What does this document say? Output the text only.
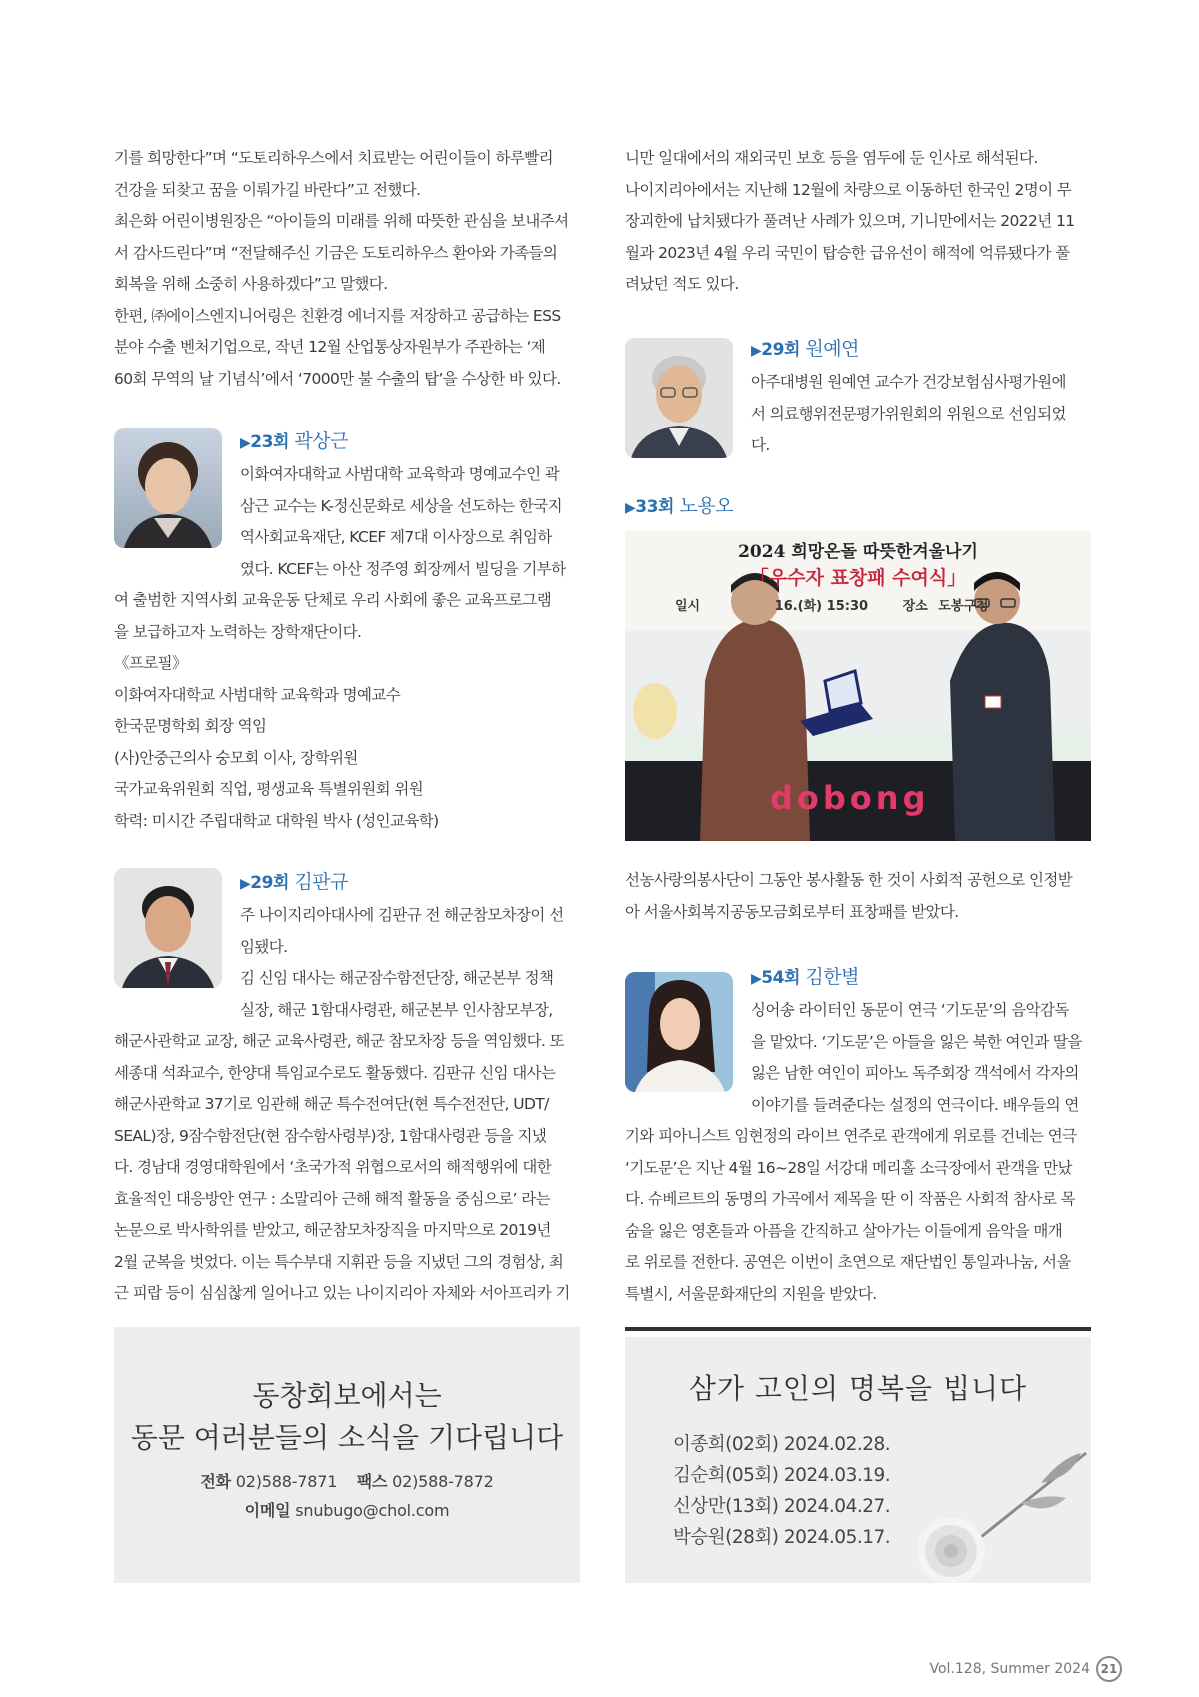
기를 희망한다”며 “도토리하우스에서 치료받는 어린이들이 하루빨리
건강을 되찾고 꿈을 이뤄가길 바란다”고 전했다.
최은화 어린이병원장은 “아이들의 미래를 위해 따뜻한 관심을 보내주셔
서 감사드린다”며 “전달해주신 기금은 도토리하우스 환아와 가족들의
회복을 위해 소중히 사용하겠다”고 말했다.
한편, ㈜에이스엔지니어링은 친환경 에너지를 저장하고 공급하는 ESS
분야 수출 벤처기업으로, 작년 12월 산업통상자원부가 주관하는 ‘제
60회 무역의 날 기념식’에서 ‘7000만 불 수출의 탑’을 수상한 바 있다.

▶23회 곽상근

이화여자대학교 사범대학 교육학과 명예교수인 곽
삼근 교수는 K-정신문화로 세상을 선도하는 한국지
역사회교육재단, KCEF 제7대 이사장으로 취임하
였다. KCEF는 아산 정주영 회장께서 빌딩을 기부하
여 출범한 지역사회 교육운동 단체로 우리 사회에 좋은 교육프로그램
을 보급하고자 노력하는 장학재단이다.
《프로필》
이화여자대학교 사범대학 교육학과 명예교수
한국문명학회 회장 역임
(사)안중근의사 숭모회 이사, 장학위원
국가교육위원회 직업, 평생교육 특별위원회 위원
학력: 미시간 주립대학교 대학원 박사 (성인교육학)

▶29회 김판규

주 나이지리아대사에 김판규 전 해군참모차장이 선
임됐다.
김 신임 대사는 해군잠수함전단장, 해군본부 정책
실장, 해군 1함대사령관, 해군본부 인사참모부장,
해군사관학교 교장, 해군 교육사령관, 해군 참모차장 등을 역임했다. 또
세종대 석좌교수, 한양대 특임교수로도 활동했다. 김판규 신임 대사는
해군사관학교 37기로 임관해 해군 특수전여단(현 특수전전단, UDT/
SEAL)장, 9잠수함전단(현 잠수함사령부)장, 1함대사령관 등을 지냈
다. 경남대 경영대학원에서 ‘초국가적 위협으로서의 해적행위에 대한
효율적인 대응방안 연구 : 소말리아 근해 해적 활동을 중심으로’ 라는
논문으로 박사학위를 받았고, 해군참모차장직을 마지막으로 2019년
2월 군복을 벗었다. 이는 특수부대 지휘관 등을 지냈던 그의 경험상, 최
근 피랍 등이 심심찮게 일어나고 있는 나이지리아 자체와 서아프리카 기
동창회보에서는
동문 여러분들의 소식을 기다립니다
전화 02)588-7871 팩스 02)588-7872
이메일 snubugo@chol.com
니만 일대에서의 재외국민 보호 등을 염두에 둔 인사로 해석된다.
나이지리아에서는 지난해 12월에 차량으로 이동하던 한국인 2명이 무
장괴한에 납치됐다가 풀려난 사례가 있으며, 기니만에서는 2022년 11
월과 2023년 4월 우리 국민이 탑승한 급유선이 해적에 억류됐다가 풀
려났던 적도 있다.

▶29회 원예연

아주대병원 원예연 교수가 건강보험심사평가원에
서 의료행위전문평가위원회의 위원으로 선임되었
다.

▶33회 노용오

2024 희망온돌 따뜻한겨울나기
「우수자 표창패 수여식」
일시	16.(화) 15:30	장소 도봉구청
dobong
선농사랑의봉사단이 그동안 봉사활동 한 것이 사회적 공헌으로 인정받
아 서울사회복지공동모금회로부터 표창패를 받았다.

▶54회 김한별

싱어송 라이터인 동문이 연극 ‘기도문’의 음악감독
을 맡았다. ‘기도문’은 아들을 잃은 북한 여인과 딸을
잃은 남한 여인이 피아노 독주회장 객석에서 각자의
이야기를 들려준다는 설정의 연극이다. 배우들의 연
기와 피아니스트 임현정의 라이브 연주로 관객에게 위로를 건네는 연극
‘기도문’은 지난 4월 16~28일 서강대 메리홀 소극장에서 관객을 만났
다. 슈베르트의 동명의 가곡에서 제목을 딴 이 작품은 사회적 참사로 목
숨을 잃은 영혼들과 아픔을 간직하고 살아가는 이들에게 음악을 매개
로 위로를 전한다. 공연은 이번이 초연으로 재단법인 통일과나눔, 서울
특별시, 서울문화재단의 지원을 받았다.
삼가 고인의 명복을 빕니다
이종희(02회) 2024.02.28.
김순희(05회) 2024.03.19.
신상만(13회) 2024.04.27.
박승원(28회) 2024.05.17.
Vol.128, Summer 2024 21
